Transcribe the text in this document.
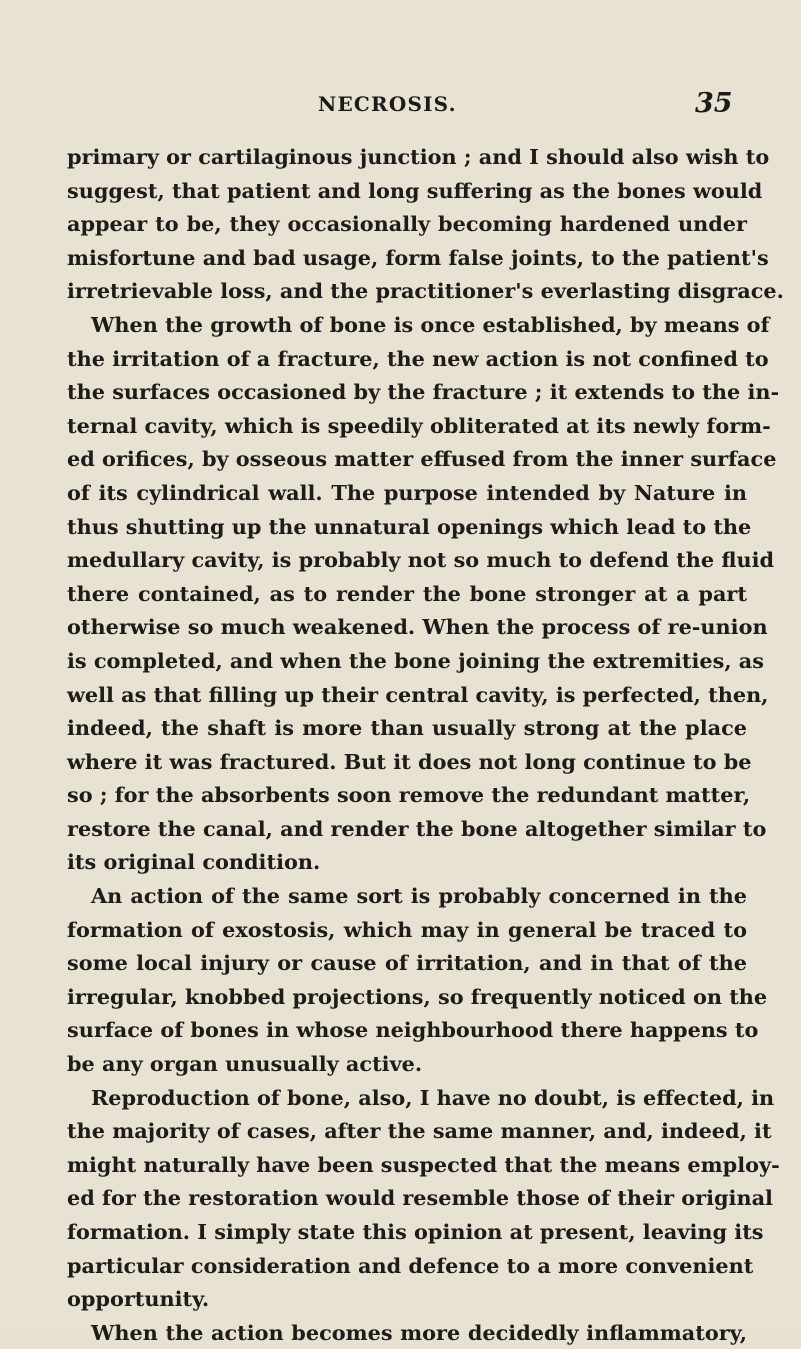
NECROSIS.	35
primary or cartilaginous junction ; and I should also wish to
suggest, that patient and long suffering as the bones would
appear to be, they occasionally becoming hardened under
misfortune and bad usage, form false joints, to the patient's
irretrievable loss, and the practitioner's everlasting disgrace.
When the growth of bone is once established, by means of
the irritation of a fracture, the new action is not confined to
the surfaces occasioned by the fracture ; it extends to the in-
ternal cavity, which is speedily obliterated at its newly form-
ed orifices, by osseous matter effused from the inner surface
of its cylindrical wall. The purpose intended by Nature in
thus shutting up the unnatural openings which lead to the
medullary cavity, is probably not so much to defend the fluid
there contained, as to render the bone stronger at a part
otherwise so much weakened. When the process of re-union
is completed, and when the bone joining the extremities, as
well as that filling up their central cavity, is perfected, then,
indeed, the shaft is more than usually strong at the place
where it was fractured. But it does not long continue to be
so ; for the absorbents soon remove the redundant matter,
restore the canal, and render the bone altogether similar to
its original condition.
An action of the same sort is probably concerned in the
formation of exostosis, which may in general be traced to
some local injury or cause of irritation, and in that of the
irregular, knobbed projections, so frequently noticed on the
surface of bones in whose neighbourhood there happens to
be any organ unusually active.
Reproduction of bone, also, I have no doubt, is effected, in
the majority of cases, after the same manner, and, indeed, it
might naturally have been suspected that the means employ-
ed for the restoration would resemble those of their original
formation. I simply state this opinion at present, leaving its
particular consideration and defence to a more convenient
opportunity.
When the action becomes more decidedly inflammatory,
